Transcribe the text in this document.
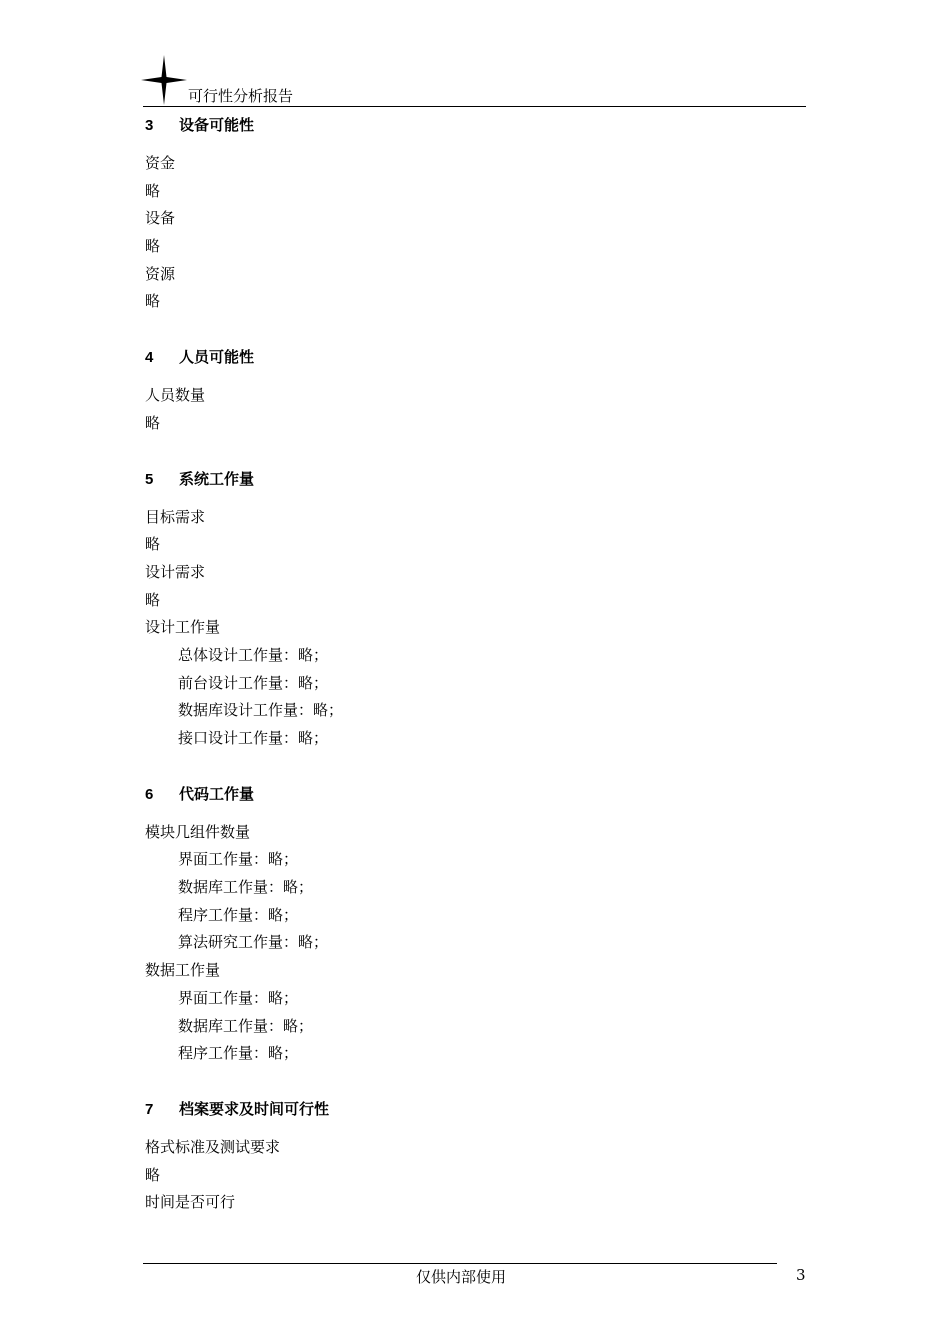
可行性分析报告
3	设备可能性
资金
略
设备
略
资源
略
4	人员可能性
人员数量
略
5	系统工作量
目标需求
略
设计需求
略
设计工作量
总体设计工作量：略；
前台设计工作量：略；
数据库设计工作量：略；
接口设计工作量：略；
6	代码工作量
模块几组件数量
界面工作量：略；
数据库工作量：略；
程序工作量：略；
算法研究工作量：略；
数据工作量
界面工作量：略；
数据库工作量：略；
程序工作量：略；
7	档案要求及时间可行性
格式标准及测试要求
略
时间是否可行
仅供内部使用	3
